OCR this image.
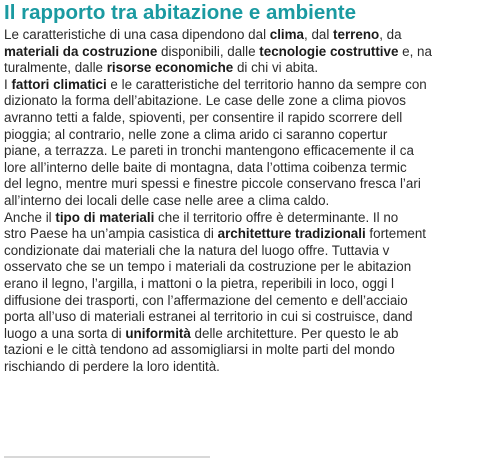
Il rapporto tra abitazione e ambiente
Le caratteristiche di una casa dipendono dal clima, dal terreno, da
materiali da costruzione disponibili, dalle tecnologie costruttive e, na
turalmente, dalle risorse economiche di chi vi abita.
I fattori climatici e le caratteristiche del territorio hanno da sempre con
dizionato la forma dell’abitazione. Le case delle zone a clima piovos
avranno tetti a falde, spioventi, per consentire il rapido scorrere dell
pioggia; al contrario, nelle zone a clima arido ci saranno copertur
piane, a terrazza. Le pareti in tronchi mantengono efficacemente il ca
lore all’interno delle baite di montagna, data l’ottima coibenza termic
del legno, mentre muri spessi e finestre piccole conservano fresca l’ari
all’interno dei locali delle case nelle aree a clima caldo.
Anche il tipo di materiali che il territorio offre è determinante. Il no
stro Paese ha un’ampia casistica di architetture tradizionali fortement
condizionate dai materiali che la natura del luogo offre. Tuttavia v
osservato che se un tempo i materiali da costruzione per le abitazion
erano il legno, l’argilla, i mattoni o la pietra, reperibili in loco, oggi l
diffusione dei trasporti, con l’affermazione del cemento e dell’acciaio
porta all’uso di materiali estranei al territorio in cui si costruisce, dand
luogo a una sorta di uniformità delle architetture. Per questo le ab
tazioni e le città tendono ad assomigliarsi in molte parti del mondo
rischiando di perdere la loro identità.
